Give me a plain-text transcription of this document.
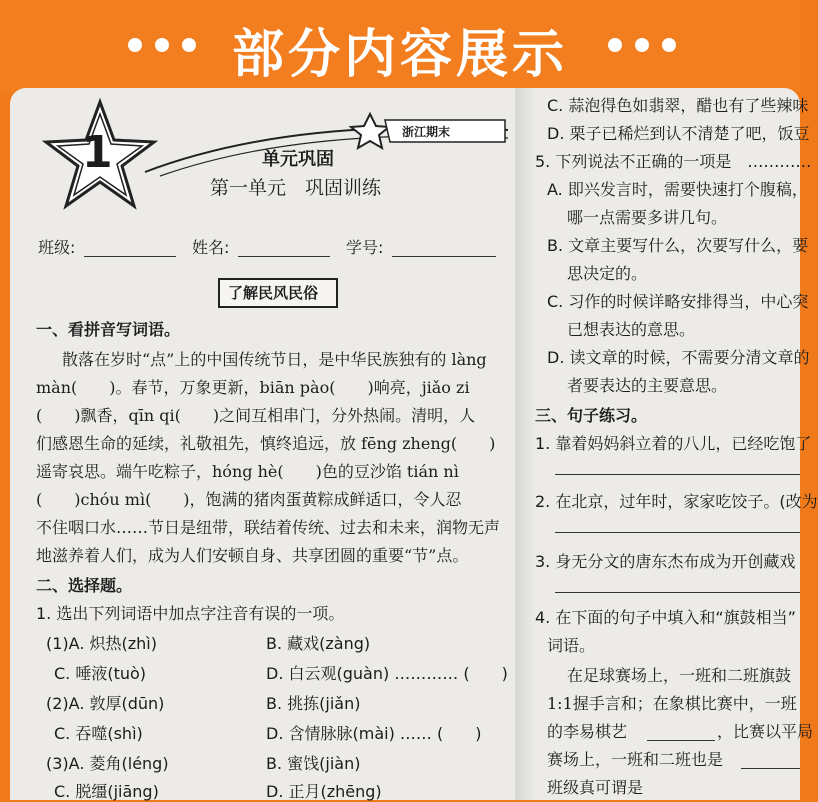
部分内容展示
1	浙江期末
单元巩固
第一单元　巩固训练
班级:	姓名:	学号:
了解民风民俗
一、看拼音写词语。
散落在岁时“点”上的中国传统节日，是中华民族独有的 làng
màn(　　)。春节，万象更新，biān pào(　　)响亮，jiǎo zi
(　　)飘香，qīn qi(　　)之间互相串门，分外热闹。清明，人
们感恩生命的延续，礼敬祖先，慎终追远，放 fēng zheng(　　)
遥寄哀思。端午吃粽子，hóng hè(　　)色的豆沙馅 tián nì
(　　)chóu mì(　　)，饱满的猪肉蛋黄粽成鲜适口，令人忍
不住咽口水……节日是纽带，联结着传统、过去和未来，润物无声
地滋养着人们，成为人们安顿自身、共享团圆的重要“节”点。
二、选择题。
1. 选出下列词语中加点字注音有误的一项。
(1)A. 炽热(zhì)	B. 藏戏(zàng)
C. 唾液(tuò)	D. 白云观(guàn) ………… (　　)
(2)A. 敦厚(dūn)	B. 挑拣(jiǎn)
C. 吞噬(shì)	D. 含情脉脉(mài) …… (　　)
(3)A. 菱角(léng)	B. 蜜饯(jiàn)
C. 脱缰(jiāng)	D. 正月(zhēng)
C. 蒜泡得色如翡翠，醋也有了些辣味
D. 栗子已稀烂到认不清楚了吧，饭豆
5. 下列说法不正确的一项是　…………
A. 即兴发言时，需要快速打个腹稿，
哪一点需要多讲几句。
B. 文章主要写什么，次要写什么，要
思决定的。
C. 习作的时候详略安排得当，中心突
已想表达的意思。
D. 读文章的时候，不需要分清文章的
者要表达的主要意思。
三、句子练习。
1. 靠着妈妈斜立着的八儿，已经吃饱了
2. 在北京，过年时，家家吃饺子。(改为
3. 身无分文的唐东杰布成为开创藏戏
4. 在下面的句子中填入和“旗鼓相当”
词语。
在足球赛场上，一班和二班旗鼓
1:1握手言和；在象棋比赛中，一班
的李易棋艺	，比赛以平局
赛场上，一班和二班也是
班级真可谓是
